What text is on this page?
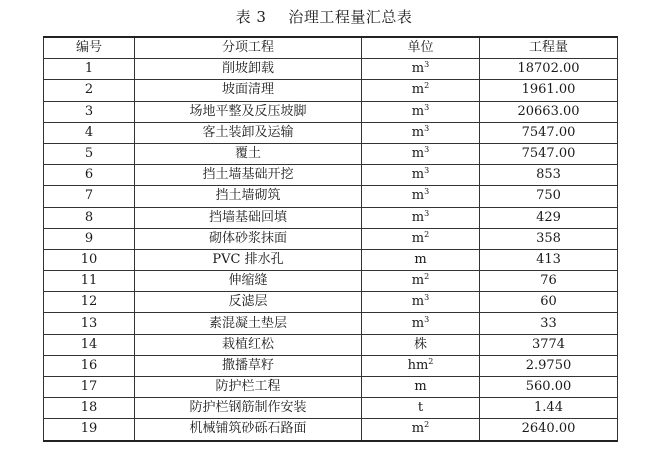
表 3 治理工程量汇总表
编号	分项工程	单位	工程量
1	削坡卸载	$m^3$	18702.00
2	坡面清理	$m^2$	1961.00
3	场地平整及反压坡脚	$m^3$	20663.00
4	客土装卸及运输	$m^3$	7547.00
5	覆土	$m^3$	7547.00
6	挡土墙基础开挖	$m^3$	853
7	挡土墙砌筑	$m^3$	750
8	挡墙基础回填	$m^3$	429
9	砌体砂浆抹面	$m^2$	358
10	PVC 排水孔	m	413
11	伸缩缝	$m^2$	76
12	反滤层	$m^3$	60
13	素混凝土垫层	$m^3$	33
14	栽植红松	株	3774
16	撒播草籽	$hm^2$	2.9750
17	防护栏工程	m	560.00
18	防护栏钢筋制作安装	t	1.44
19	机械铺筑砂砾石路面	$m^2$	2640.00
